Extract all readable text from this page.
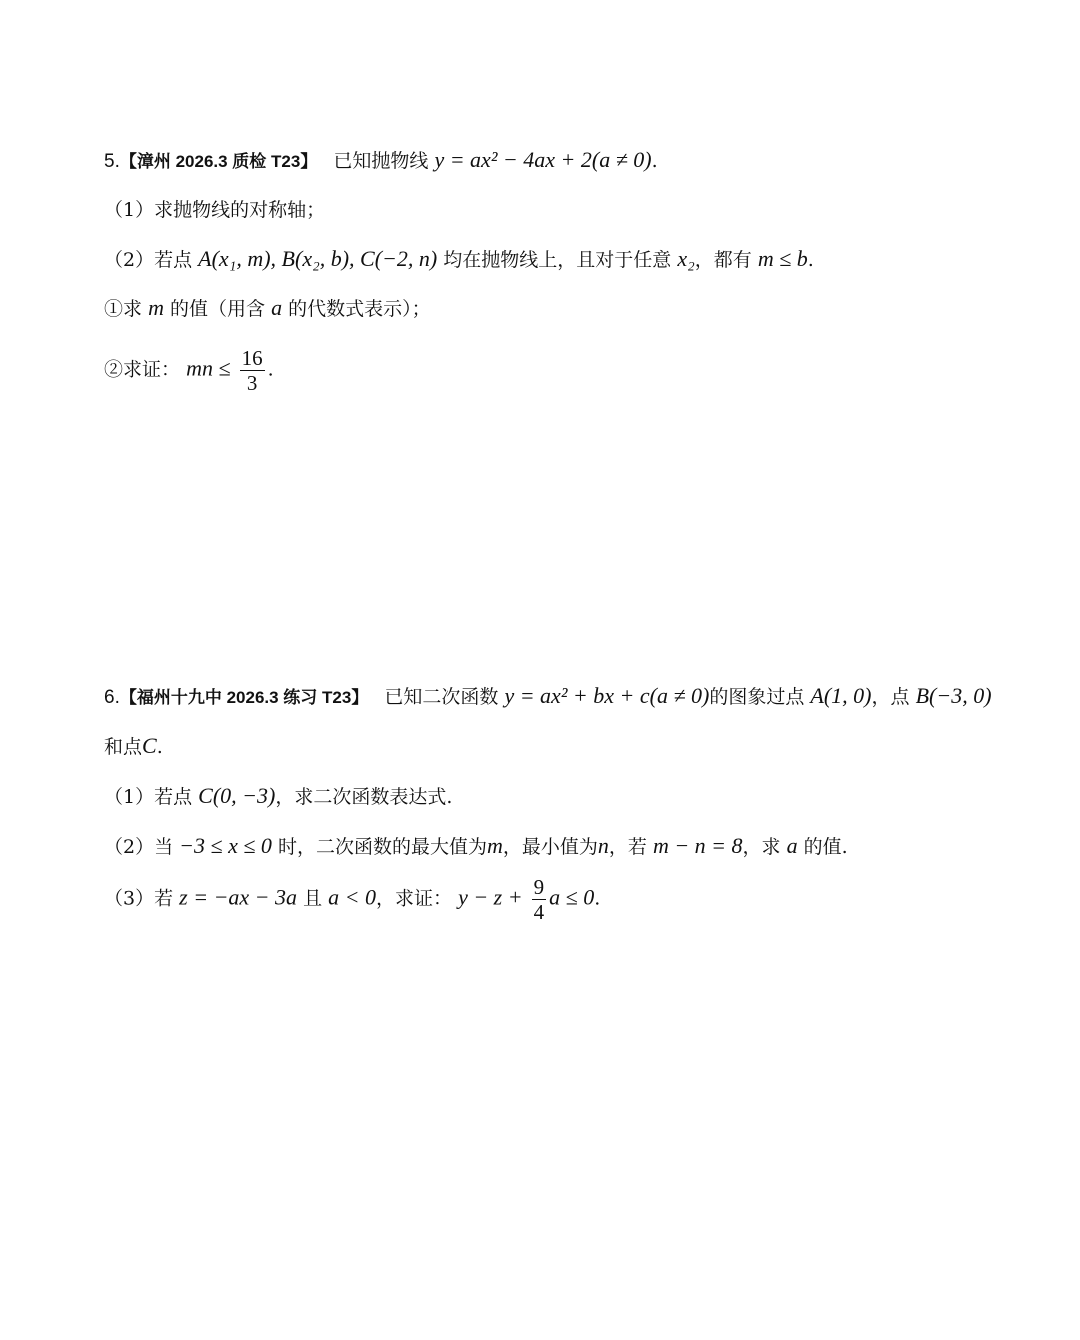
5.【漳州 2026.3 质检 T23】 已知抛物线 y = ax² − 4ax + 2(a ≠ 0).
（1）求抛物线的对称轴；
（2）若点 A(x₁, m), B(x₂, b), C(−2, n) 均在抛物线上，且对于任意 x₂，都有 m ≤ b.
①求 m 的值（用含 a 的代数式表示）；
②求证： mn ≤ $\frac{16}{3}$ .
6.【福州十九中 2026.3 练习 T23】 已知二次函数 y = ax² + bx + c(a ≠ 0)的图象过点 A(1, 0)，点 B(−3, 0)
和点C.
（1）若点 C(0, −3)，求二次函数表达式.
（2）当 −3 ≤ x ≤ 0 时，二次函数的最大值为m，最小值为n，若 m − n = 8，求 a 的值.
（3）若 z = −ax − 3a 且 a < 0，求证： $y - z + \frac{9}{4}$ a ≤ 0.
